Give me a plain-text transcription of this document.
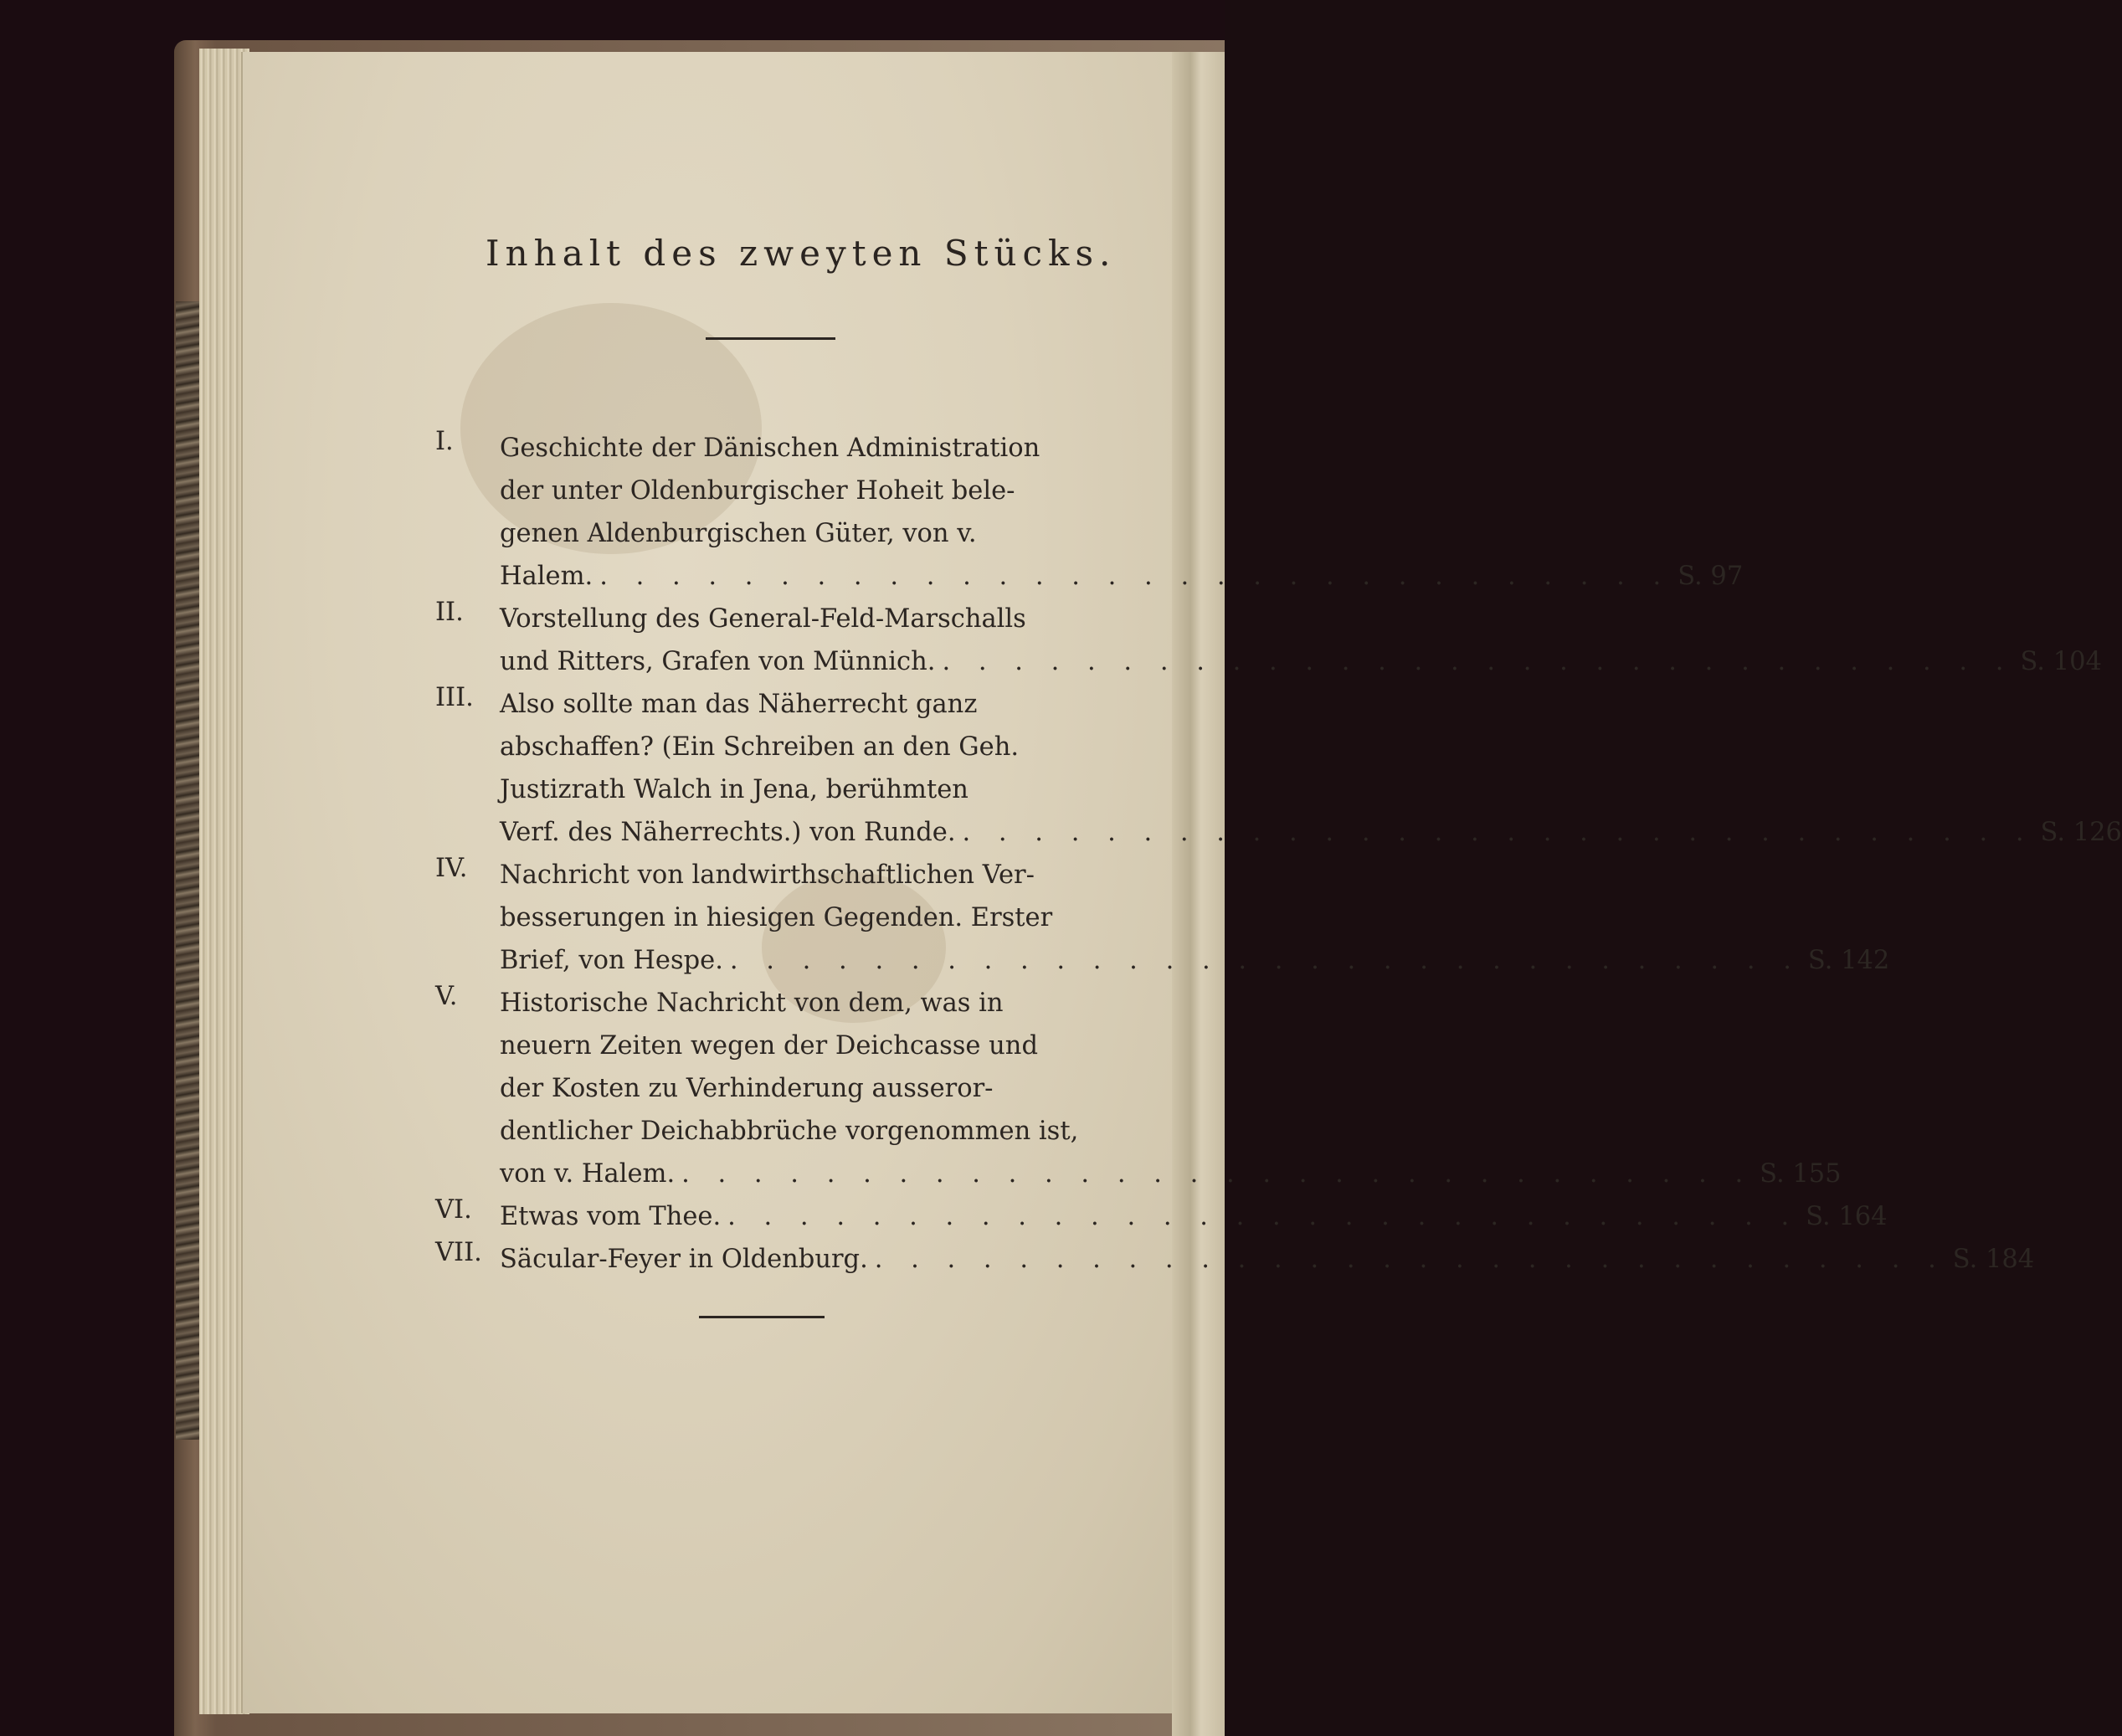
Inhalt des zweyten Stücks.
I.	Geschichte der Dänischen Administration
der unter Oldenburgischer Hoheit bele-
genen Aldenburgischen Güter, von v.
Halem. . . . . . . . . . . . . . . . . . . . . . . . . . . . . . . S. 97
II.	Vorstellung des General-Feld-Marschalls
und Ritters, Grafen von Münnich. . . . . . . . . . . . . . . . . . . . . . . . . . . . . . . S. 104
III.	Also sollte man das Näherrecht ganz
abschaffen? (Ein Schreiben an den Geh.
Justizrath Walch in Jena, berühmten
Verf. des Näherrechts.) von Runde. . . . . . . . . . . . . . . . . . . . . . . . . . . . . . . S. 126
IV.	Nachricht von landwirthschaftlichen Ver-
besserungen in hiesigen Gegenden. Erster
Brief, von Hespe. . . . . . . . . . . . . . . . . . . . . . . . . . . . . . . S. 142
V.	Historische Nachricht von dem, was in
neuern Zeiten wegen der Deichcasse und
der Kosten zu Verhinderung ausseror-
dentlicher Deichabbrüche vorgenommen ist,
von v. Halem. . . . . . . . . . . . . . . . . . . . . . . . . . . . . . . S. 155
VI.	Etwas vom Thee. . . . . . . . . . . . . . . . . . . . . . . . . . . . . . . S. 164
VII. Säcular-Feyer in Oldenburg. . . . . . . . . . . . . . . . . . . . . . . . . . . . . . . S. 184
